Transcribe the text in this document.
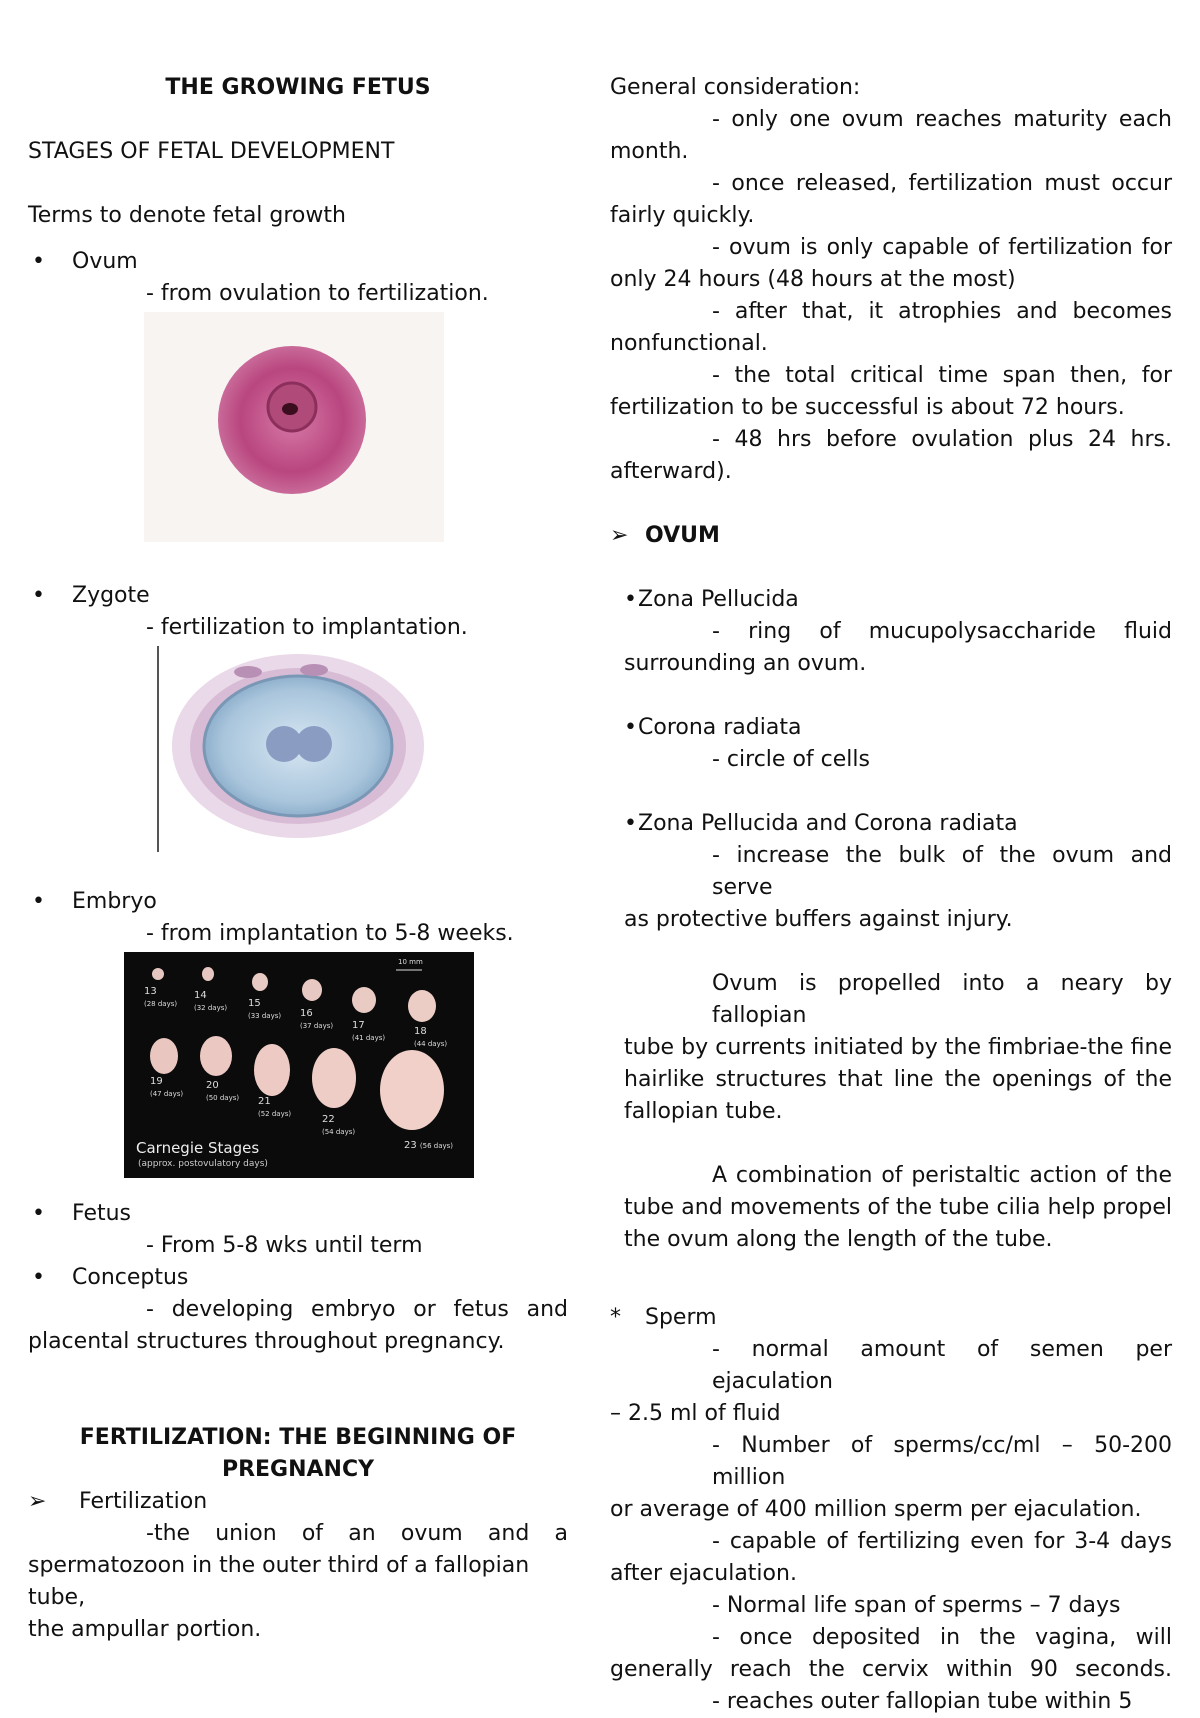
THE GROWING FETUS

STAGES OF FETAL DEVELOPMENT

Terms to denote fetal growth

• Ovum

- from ovulation to fertilization.

• Zygote

- fertilization to implantation.

• Embryo

- from implantation to 5-8 weeks.

13
(28 days)
14
(32 days) 15
(33 days) 16
(37 days) 17
(41 days)
18
(44 days)
19
(47 days)
20
(50 days) 21
(52 days)	22
(54 days)
23 (56 days)
10 mm
Carnegie Stages
(approx. postovulatory days)
• Fetus

- From 5-8 wks until term

• Conceptus

- developing embryo or fetus and

placental structures throughout pregnancy.

FERTILIZATION: THE BEGINNING OF

PREGNANCY

➢ Fertilization

-the union of an ovum and a

spermatozoon in the outer third of a fallopian tube,

the ampullar portion.

General consideration:

- only one ovum reaches maturity each

month.

- once released, fertilization must occur

fairly quickly.

- ovum is only capable of fertilization for

only 24 hours (48 hours at the most)

- after that, it atrophies and becomes

nonfunctional.

- the total critical time span then, for

fertilization to be successful is about 72 hours.

- 48 hrs before ovulation plus 24 hrs.

afterward).

➢ OVUM

•Zona Pellucida

- ring of mucupolysaccharide fluid

surrounding an ovum.

•Corona radiata

- circle of cells

•Zona Pellucida and Corona radiata

- increase the bulk of the ovum and serve

as protective buffers against injury.

Ovum is propelled into a neary by fallopian

tube by currents initiated by the fimbriae-the fine

hairlike structures that line the openings of the

fallopian tube.

A combination of peristaltic action of the

tube and movements of the tube cilia help propel

the ovum along the length of the tube.

* Sperm

- normal amount of semen per ejaculation

– 2.5 ml of fluid

- Number of sperms/cc/ml – 50-200 million

or average of 400 million sperm per ejaculation.

- capable of fertilizing even for 3-4 days

after ejaculation.

- Normal life span of sperms – 7 days

- once deposited in the vagina, will

generally reach the cervix within 90 seconds.

- reaches outer fallopian tube within 5
